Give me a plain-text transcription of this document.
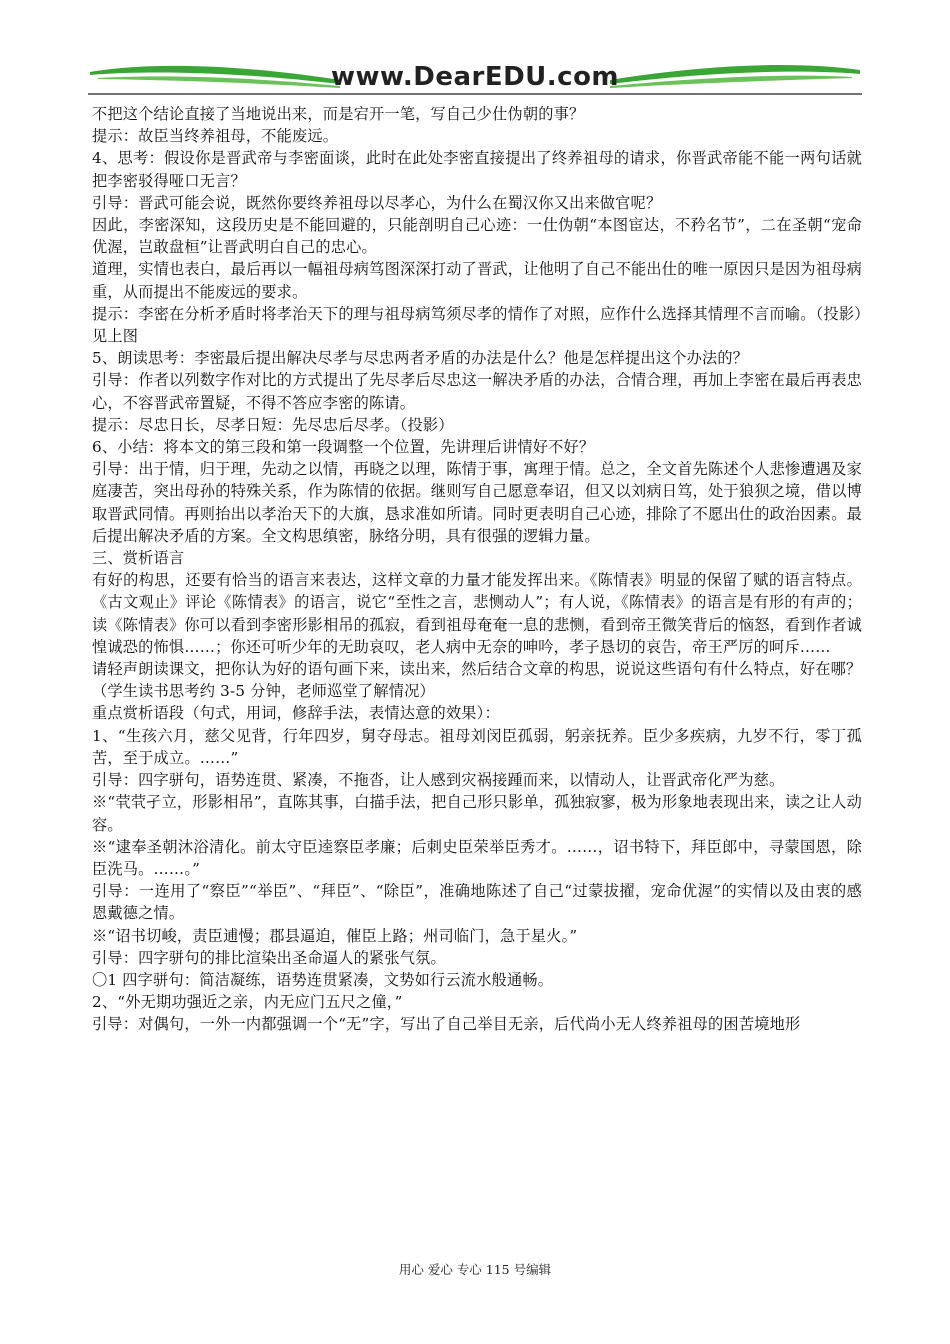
www.DearEDU.com

不把这个结论直接了当地说出来，而是宕开一笔，写自己少仕伪朝的事？

提示：故臣当终养祖母，不能废远。

4、思考：假设你是晋武帝与李密面谈，此时在此处李密直接提出了终养祖母的请求，你晋武帝能不能一两句话就把李密驳得哑口无言？

引导：晋武可能会说，既然你要终养祖母以尽孝心，为什么在蜀汉你又出来做官呢？

因此，李密深知，这段历史是不能回避的，只能剖明自己心迹：一仕伪朝“本图宦达，不矜名节”，二在圣朝“宠命优渥，岂敢盘桓”让晋武明白自己的忠心。

道理，实情也表白，最后再以一幅祖母病笃图深深打动了晋武，让他明了自己不能出仕的唯一原因只是因为祖母病重，从而提出不能废远的要求。

提示：李密在分析矛盾时将孝治天下的理与祖母病笃须尽孝的情作了对照，应作什么选择其情理不言而喻。（投影）见上图

5、朗读思考：李密最后提出解决尽孝与尽忠两者矛盾的办法是什么？他是怎样提出这个办法的？

引导：作者以列数字作对比的方式提出了先尽孝后尽忠这一解决矛盾的办法，合情合理，再加上李密在最后再表忠心，不容晋武帝置疑，不得不答应李密的陈请。

提示：尽忠日长，尽孝日短：先尽忠后尽孝。（投影）

6、小结：将本文的第三段和第一段调整一个位置，先讲理后讲情好不好？

引导：出于情，归于理，先动之以情，再晓之以理，陈情于事，寓理于情。总之，全文首先陈述个人悲惨遭遇及家庭凄苦，突出母孙的特殊关系，作为陈情的依据。继则写自己愿意奉诏，但又以刘病日笃，处于狼狈之境，借以博取晋武同情。再则抬出以孝治天下的大旗，恳求准如所请。同时更表明自己心迹，排除了不愿出仕的政治因素。最后提出解决矛盾的方案。全文构思缜密，脉络分明，具有很强的逻辑力量。

三、赏析语言

有好的构思，还要有恰当的语言来表达，这样文章的力量才能发挥出来。《陈情表》明显的保留了赋的语言特点。《古文观止》评论《陈情表》的语言，说它“至性之言，悲恻动人”；有人说，《陈情表》的语言是有形的有声的；读《陈情表》你可以看到李密形影相吊的孤寂，看到祖母奄奄一息的悲恻，看到帝王微笑背后的恼怒，看到作者诚惶诚恐的怖惧……；你还可听少年的无助哀叹，老人病中无奈的呻吟，孝子恳切的哀告，帝王严厉的呵斥……

请轻声朗读课文，把你认为好的语句画下来，读出来，然后结合文章的构思，说说这些语句有什么特点，好在哪？

（学生读书思考约 3-5 分钟，老师巡堂了解情况）

重点赏析语段（句式，用词，修辞手法，表情达意的效果）：

1、“生孩六月，慈父见背，行年四岁，舅夺母志。祖母刘闵臣孤弱，躬亲抚养。臣少多疾病，九岁不行，零丁孤苦，至于成立。……”

引导：四字骈句，语势连贯、紧凑，不拖沓，让人感到灾祸接踵而来，以情动人，让晋武帝化严为慈。

※“茕茕孑立，形影相吊”，直陈其事，白描手法，把自己形只影单，孤独寂寥，极为形象地表现出来，读之让人动容。

※“逮奉圣朝沐浴清化。前太守臣逵察臣孝廉；后刺史臣荣举臣秀才。……，诏书特下，拜臣郎中，寻蒙国恩，除臣洗马。……。”

引导：一连用了“察臣”“举臣”、“拜臣”、“除臣”，准确地陈述了自己“过蒙拔擢，宠命优渥”的实情以及由衷的感恩戴德之情。

※“诏书切峻，责臣逋慢；郡县逼迫，催臣上路；州司临门，急于星火。”

引导：四字骈句的排比渲染出圣命逼人的紧张气氛。

〇1 四字骈句：简洁凝练，语势连贯紧凑，文势如行云流水般通畅。

2、“外无期功强近之亲，内无应门五尺之僮，”

引导：对偶句，一外一内都强调一个“无”字，写出了自己举目无亲，后代尚小无人终养祖母的困苦境地形

用心 爱心 专心 115 号编辑
